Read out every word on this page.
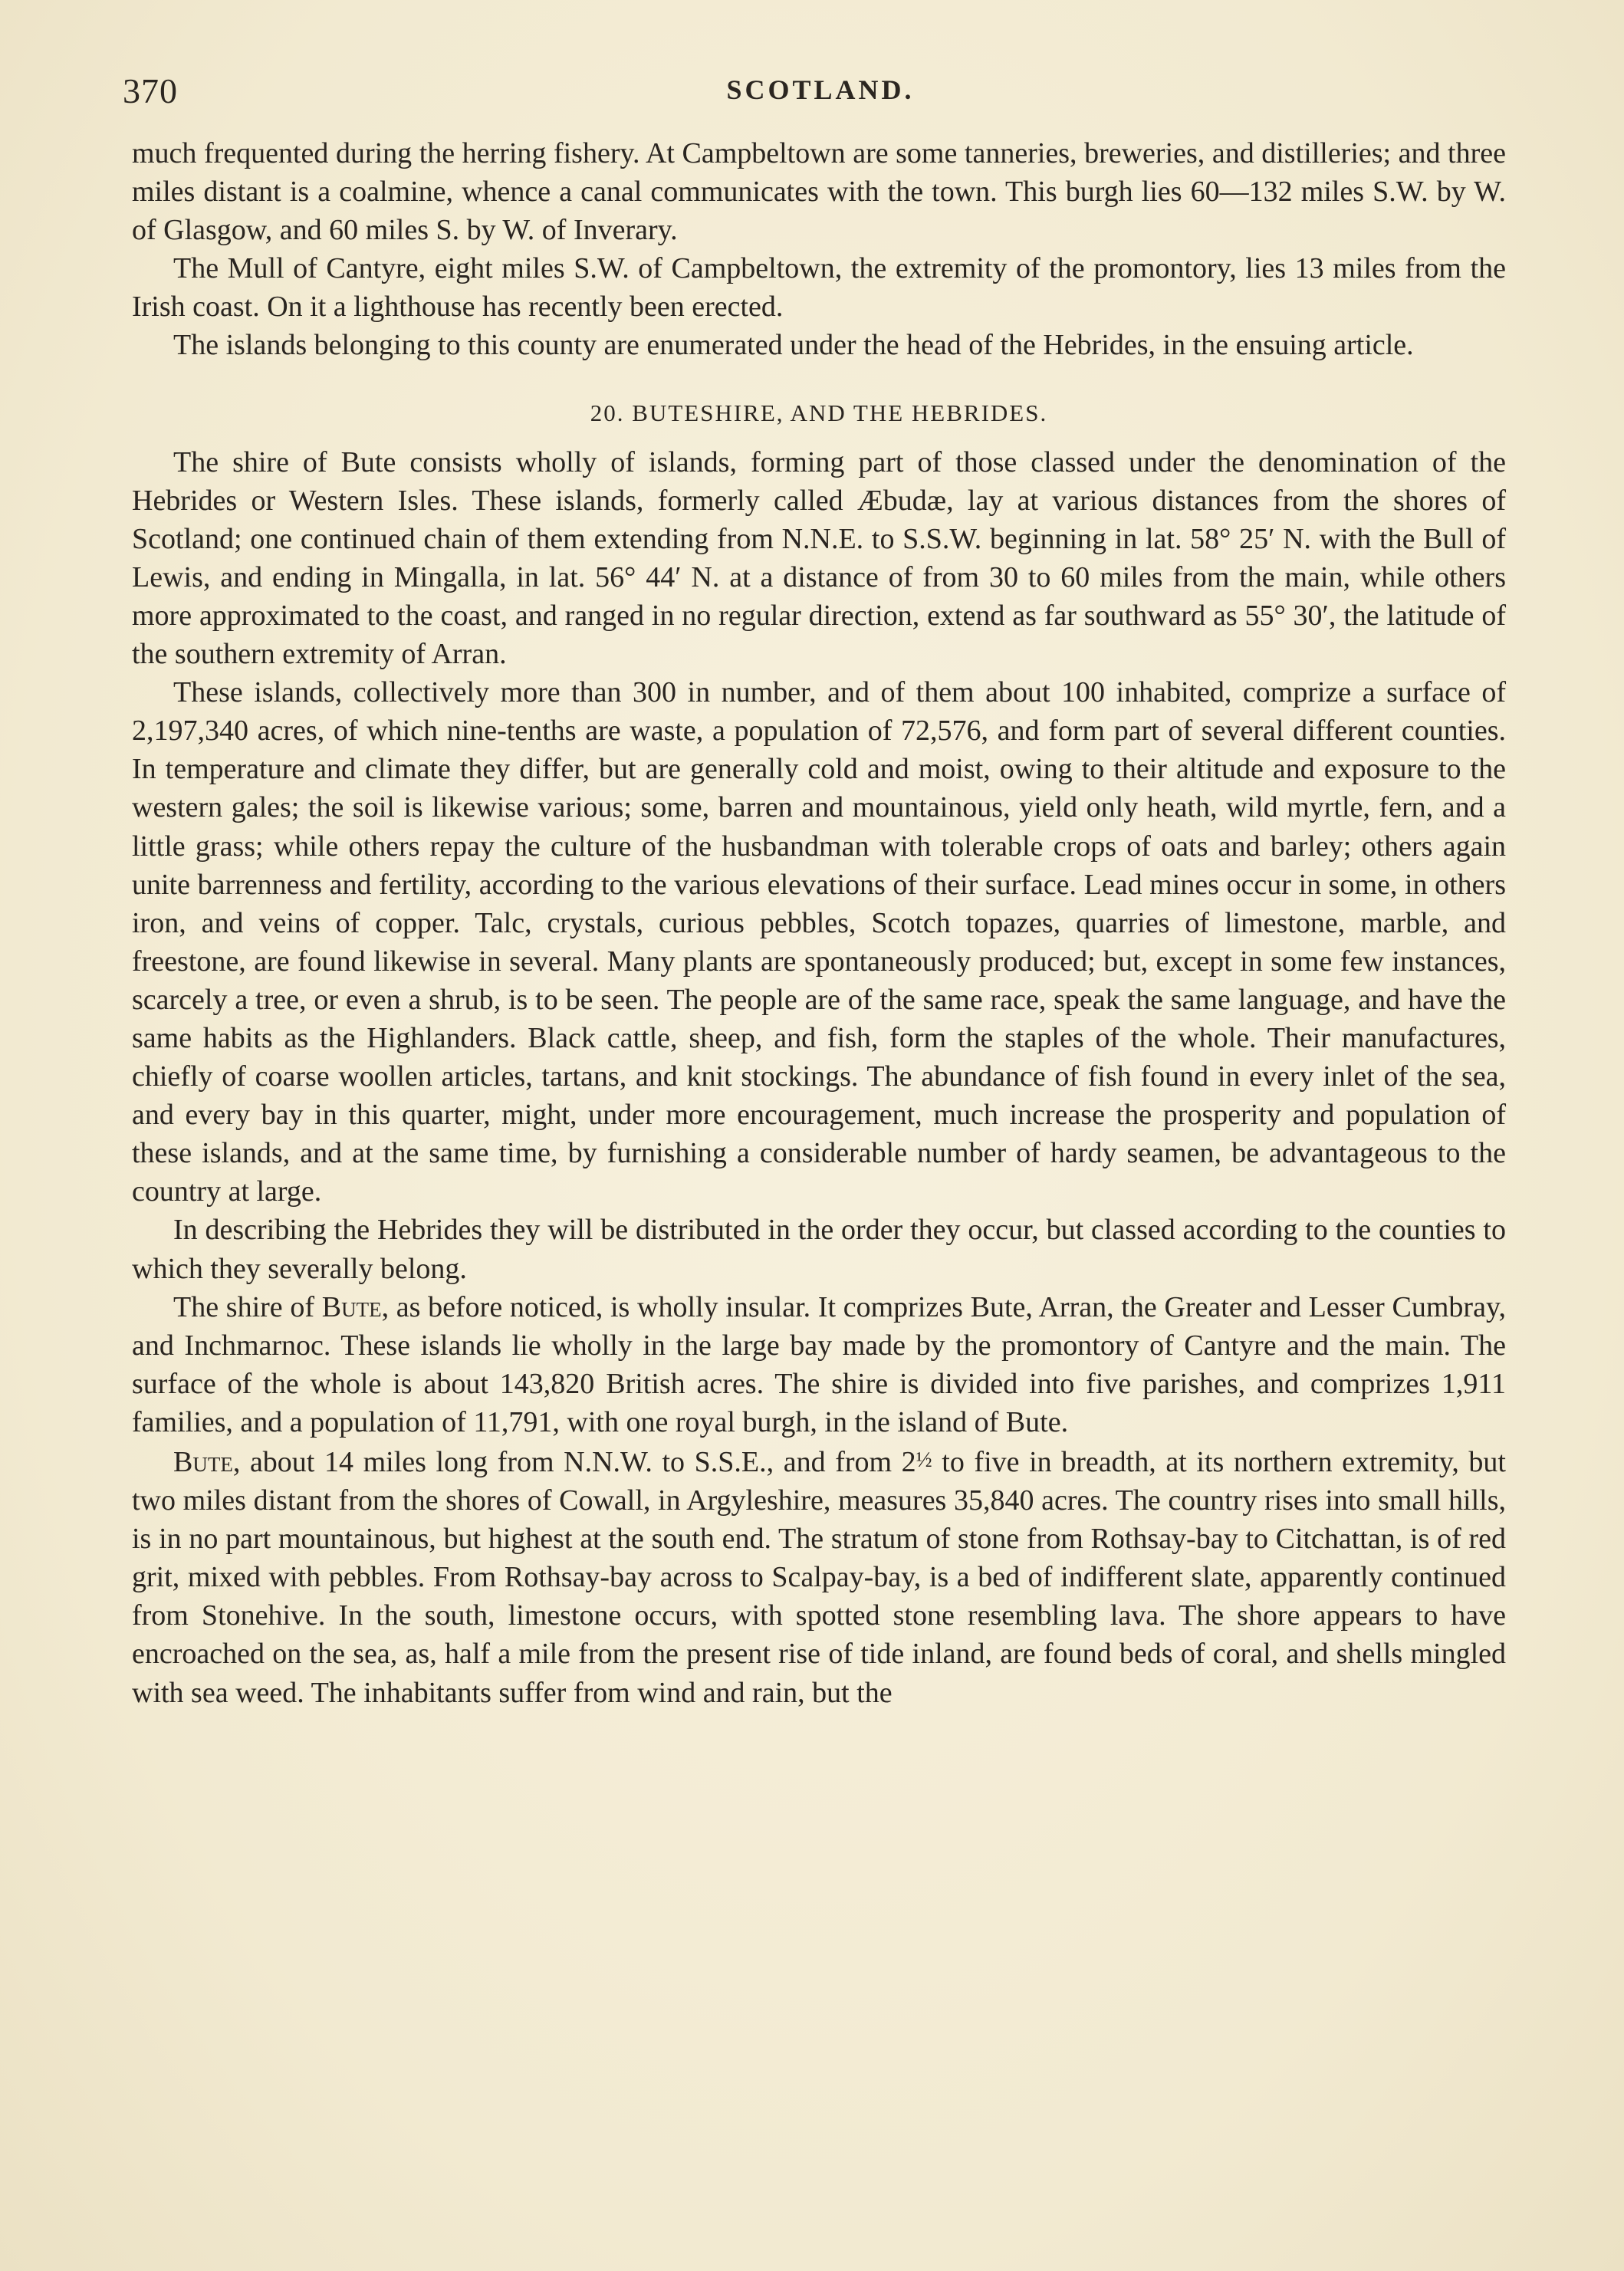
370	SCOTLAND.

much frequented during the herring fishery. At Campbeltown are some tanneries, breweries, and distilleries; and three miles distant is a coalmine, whence a canal communicates with the town. This burgh lies 60—132 miles S.W. by W. of Glasgow, and 60 miles S. by W. of Inverary.

The Mull of Cantyre, eight miles S.W. of Campbeltown, the extremity of the promontory, lies 13 miles from the Irish coast. On it a lighthouse has recently been erected.

The islands belonging to this county are enumerated under the head of the Hebrides, in the ensuing article.

20. BUTESHIRE, AND THE HEBRIDES.

The shire of Bute consists wholly of islands, forming part of those classed under the denomination of the Hebrides or Western Isles. These islands, formerly called Æbudæ, lay at various distances from the shores of Scotland; one continued chain of them extending from N.N.E. to S.S.W. beginning in lat. 58° 25′ N. with the Bull of Lewis, and ending in Mingalla, in lat. 56° 44′ N. at a distance of from 30 to 60 miles from the main, while others more approximated to the coast, and ranged in no regular direction, extend as far southward as 55° 30′, the latitude of the southern extremity of Arran.

These islands, collectively more than 300 in number, and of them about 100 inhabited, comprize a surface of 2,197,340 acres, of which nine-tenths are waste, a population of 72,576, and form part of several different counties. In temperature and climate they differ, but are generally cold and moist, owing to their altitude and exposure to the western gales; the soil is likewise various; some, barren and mountainous, yield only heath, wild myrtle, fern, and a little grass; while others repay the culture of the husbandman with tolerable crops of oats and barley; others again unite barrenness and fertility, according to the various elevations of their surface. Lead mines occur in some, in others iron, and veins of copper. Talc, crystals, curious pebbles, Scotch topazes, quarries of limestone, marble, and freestone, are found likewise in several. Many plants are spontaneously produced; but, except in some few instances, scarcely a tree, or even a shrub, is to be seen. The people are of the same race, speak the same language, and have the same habits as the Highlanders. Black cattle, sheep, and fish, form the staples of the whole. Their manufactures, chiefly of coarse woollen articles, tartans, and knit stockings. The abundance of fish found in every inlet of the sea, and every bay in this quarter, might, under more encouragement, much increase the prosperity and population of these islands, and at the same time, by furnishing a considerable number of hardy seamen, be advantageous to the country at large.

In describing the Hebrides they will be distributed in the order they occur, but classed according to the counties to which they severally belong.

The shire of Bute, as before noticed, is wholly insular. It comprizes Bute, Arran, the Greater and Lesser Cumbray, and Inchmarnoc. These islands lie wholly in the large bay made by the promontory of Cantyre and the main. The surface of the whole is about 143,820 British acres. The shire is divided into five parishes, and comprizes 1,911 families, and a population of 11,791, with one royal burgh, in the island of Bute.

Bute, about 14 miles long from N.N.W. to S.S.E., and from 2½ to five in breadth, at its northern extremity, but two miles distant from the shores of Cowall, in Argyleshire, measures 35,840 acres. The country rises into small hills, is in no part mountainous, but highest at the south end. The stratum of stone from Rothsay-bay to Citchattan, is of red grit, mixed with pebbles. From Rothsay-bay across to Scalpay-bay, is a bed of indifferent slate, apparently continued from Stonehive. In the south, limestone occurs, with spotted stone resembling lava. The shore appears to have encroached on the sea, as, half a mile from the present rise of tide inland, are found beds of coral, and shells mingled with sea weed. The inhabitants suffer from wind and rain, but the
